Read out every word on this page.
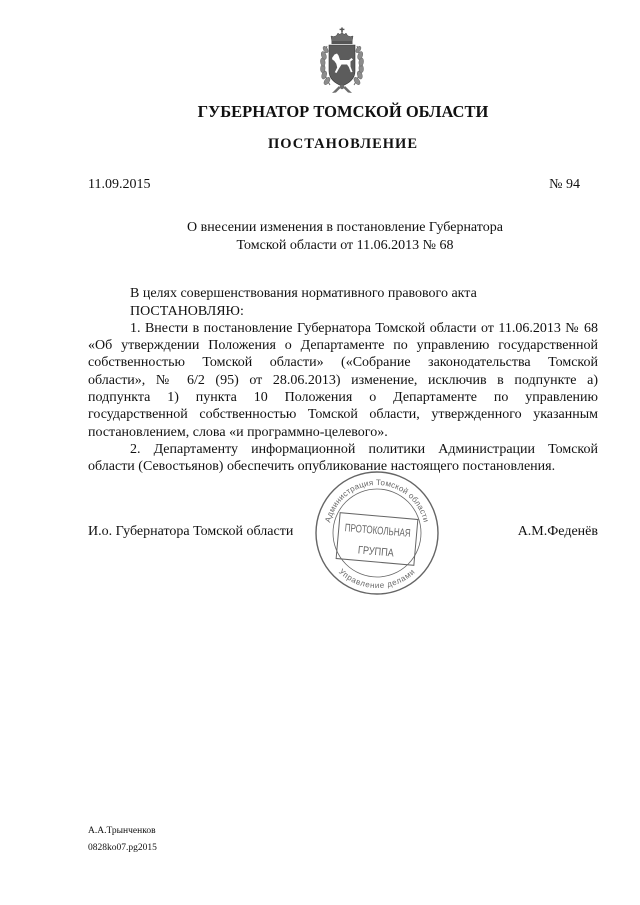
ГУБЕРНАТОР ТОМСКОЙ ОБЛАСТИ
ПОСТАНОВЛЕНИЕ
11.09.2015	№ 94
О внесении изменения в постановление Губернатора
Томской области от 11.06.2013 № 68
В целях совершенствования нормативного правового акта
ПОСТАНОВЛЯЮ:
1. Внести в постановление Губернатора Томской области от 11.06.2013 № 68
«Об утверждении Положения о Департаменте по управлению государственной
собственностью Томской области» («Собрание законодательства Томской
области», № 6/2 (95) от 28.06.2013) изменение, исключив в подпункте а)
подпункта 1) пункта 10 Положения о Департаменте по управлению
государственной собственностью Томской области, утвержденного указанным
постановлением, слова «и программно-целевого».
2. Департаменту информационной политики Администрации Томской
области (Севостьянов) обеспечить опубликование настоящего постановления.
И.о. Губернатора Томской области	А.М.Феденёв
Администрация Томской области
Управление делами
ПРОТОКОЛЬНАЯ
ГРУППА
А.А.Трынченков
0828ko07.pg2015
